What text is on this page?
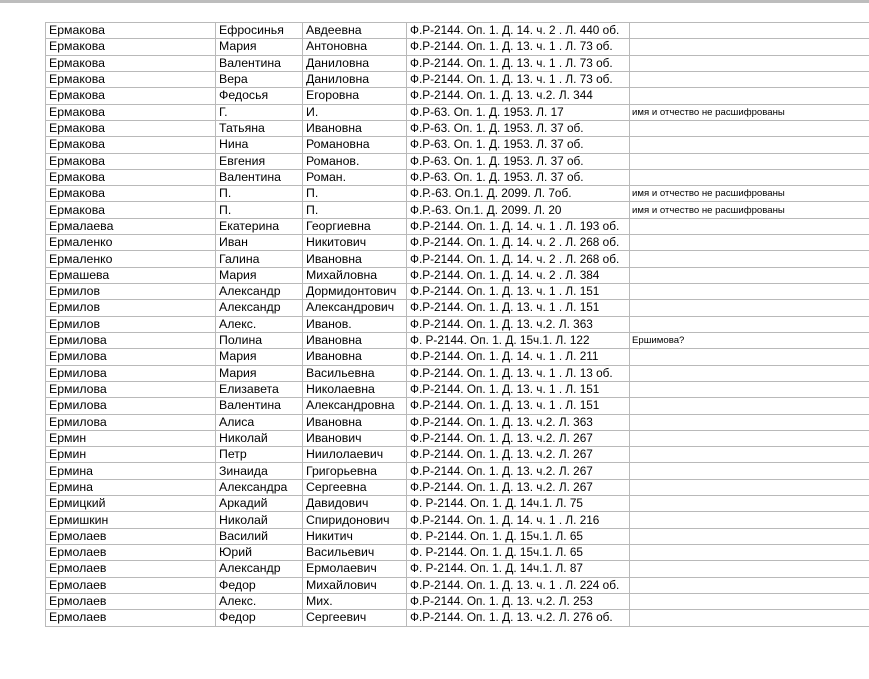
Ермакова	Ефросинья	Авдеевна	Ф.Р-2144. Оп. 1. Д. 14. ч. 2 . Л. 440 об.	
Ермакова	Мария	Антоновна	Ф.Р-2144. Оп. 1. Д. 13. ч. 1 . Л. 73 об.	
Ермакова	Валентина	Даниловна	Ф.Р-2144. Оп. 1. Д. 13. ч. 1 . Л. 73 об.	
Ермакова	Вера	Даниловна	Ф.Р-2144. Оп. 1. Д. 13. ч. 1 . Л. 73 об.	
Ермакова	Федосья	Егоровна	Ф.Р-2144. Оп. 1. Д. 13. ч.2. Л. 344	
Ермакова	Г.	И.	Ф.Р-63. Оп. 1. Д. 1953. Л. 17	имя и отчество не расшифрованы
Ермакова	Татьяна	Ивановна	Ф.Р-63. Оп. 1. Д. 1953. Л. 37 об.	
Ермакова	Нина	Романовна	Ф.Р-63. Оп. 1. Д. 1953. Л. 37 об.	
Ермакова	Евгения	Романов.	Ф.Р-63. Оп. 1. Д. 1953. Л. 37 об.	
Ермакова	Валентина	Роман.	Ф.Р-63. Оп. 1. Д. 1953. Л. 37 об.	
Ермакова	П.	П.	Ф.Р.-63. Оп.1. Д. 2099. Л. 7об.	имя и отчество не расшифрованы
Ермакова	П.	П.	Ф.Р.-63. Оп.1. Д. 2099. Л. 20	имя и отчество не расшифрованы
Ермалаева	Екатерина	Георгиевна	Ф.Р-2144. Оп. 1. Д. 14. ч. 1 . Л. 193 об.	
Ермаленко	Иван	Никитович	Ф.Р-2144. Оп. 1. Д. 14. ч. 2 . Л. 268 об.	
Ермаленко	Галина	Ивановна	Ф.Р-2144. Оп. 1. Д. 14. ч. 2 . Л. 268 об.	
Ермашева	Мария	Михайловна	Ф.Р-2144. Оп. 1. Д. 14. ч. 2 . Л. 384	
Ермилов	Александр	Дормидонтович	Ф.Р-2144. Оп. 1. Д. 13. ч. 1 . Л. 151	
Ермилов	Александр	Александрович	Ф.Р-2144. Оп. 1. Д. 13. ч. 1 . Л. 151	
Ермилов	Алекс.	Иванов.	Ф.Р-2144. Оп. 1. Д. 13. ч.2. Л. 363	
Ермилова	Полина	Ивановна	Ф. Р-2144. Оп. 1. Д. 15ч.1. Л. 122	Ершимова?
Ермилова	Мария	Ивановна	Ф.Р-2144. Оп. 1. Д. 14. ч. 1 . Л. 211	
Ермилова	Мария	Васильевна	Ф.Р-2144. Оп. 1. Д. 13. ч. 1 . Л. 13 об.	
Ермилова	Елизавета	Николаевна	Ф.Р-2144. Оп. 1. Д. 13. ч. 1 . Л. 151	
Ермилова	Валентина	Александровна	Ф.Р-2144. Оп. 1. Д. 13. ч. 1 . Л. 151	
Ермилова	Алиса	Ивановна	Ф.Р-2144. Оп. 1. Д. 13. ч.2. Л. 363	
Ермин	Николай	Иванович	Ф.Р-2144. Оп. 1. Д. 13. ч.2. Л. 267	
Ермин	Петр	Ниилолаевич	Ф.Р-2144. Оп. 1. Д. 13. ч.2. Л. 267	
Ермина	Зинаида	Григорьевна	Ф.Р-2144. Оп. 1. Д. 13. ч.2. Л. 267	
Ермина	Александра	Сергеевна	Ф.Р-2144. Оп. 1. Д. 13. ч.2. Л. 267	
Ермицкий	Аркадий	Давидович	Ф. Р-2144. Оп. 1. Д. 14ч.1. Л. 75	
Ермишкин	Николай	Спиридонович	Ф.Р-2144. Оп. 1. Д. 14. ч. 1 . Л. 216	
Ермолаев	Василий	Никитич	Ф. Р-2144. Оп. 1. Д. 15ч.1. Л. 65	
Ермолаев	Юрий	Васильевич	Ф. Р-2144. Оп. 1. Д. 15ч.1. Л. 65	
Ермолаев	Александр	Ермолаевич	Ф. Р-2144. Оп. 1. Д. 14ч.1. Л. 87	
Ермолаев	Федор	Михайлович	Ф.Р-2144. Оп. 1. Д. 13. ч. 1 . Л. 224 об.	
Ермолаев	Алекс.	Мих.	Ф.Р-2144. Оп. 1. Д. 13. ч.2. Л. 253	
Ермолаев	Федор	Сергеевич	Ф.Р-2144. Оп. 1. Д. 13. ч.2. Л. 276 об.	
